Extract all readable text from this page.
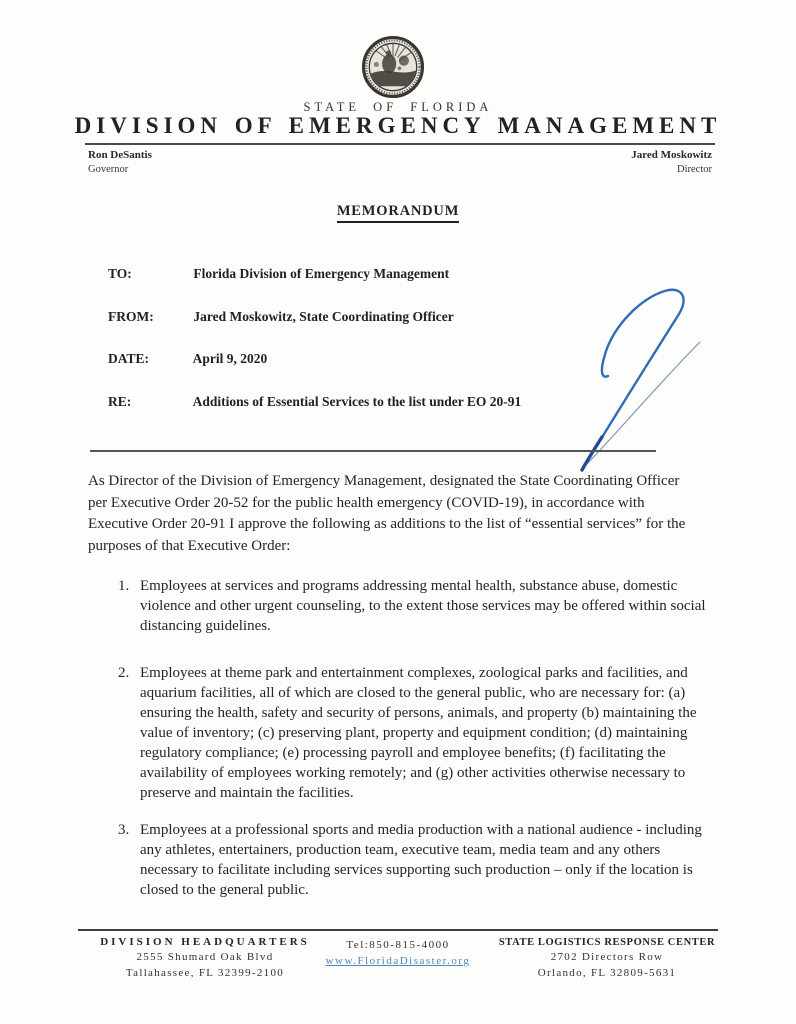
STATE OF FLORIDA
DIVISION OF EMERGENCY MANAGEMENT
Ron DeSantis
Governor
Jared Moskowitz
Director
MEMORANDUM
TO:	Florida Division of Emergency Management
FROM:	Jared Moskowitz, State Coordinating Officer
DATE:	April 9, 2020
RE:	Additions of Essential Services to the list under EO 20-91
As Director of the Division of Emergency Management, designated the State Coordinating Officer per Executive Order 20-52 for the public health emergency (COVID-19), in accordance with Executive Order 20-91 I approve the following as additions to the list of “essential services” for the purposes of that Executive Order:
1. Employees at services and programs addressing mental health, substance abuse, domestic violence and other urgent counseling, to the extent those services may be offered within social distancing guidelines.
2. Employees at theme park and entertainment complexes, zoological parks and facilities, and aquarium facilities, all of which are closed to the general public, who are necessary for: (a) ensuring the health, safety and security of persons, animals, and property (b) maintaining the value of inventory; (c) preserving plant, property and equipment condition; (d) maintaining regulatory compliance; (e) processing payroll and employee benefits; (f) facilitating the availability of employees working remotely; and (g) other activities otherwise necessary to preserve and maintain the facilities.
3. Employees at a professional sports and media production with a national audience - including any athletes, entertainers, production team, executive team, media team and any others necessary to facilitate including services supporting such production – only if the location is closed to the general public.
DIVISION HEADQUARTERS
2555 Shumard Oak Blvd
Tallahassee, FL 32399-2100
Tel:850-815-4000
www.FloridaDisaster.org
STATE LOGISTICS RESPONSE CENTER
2702 Directors Row
Orlando, FL 32809-5631
